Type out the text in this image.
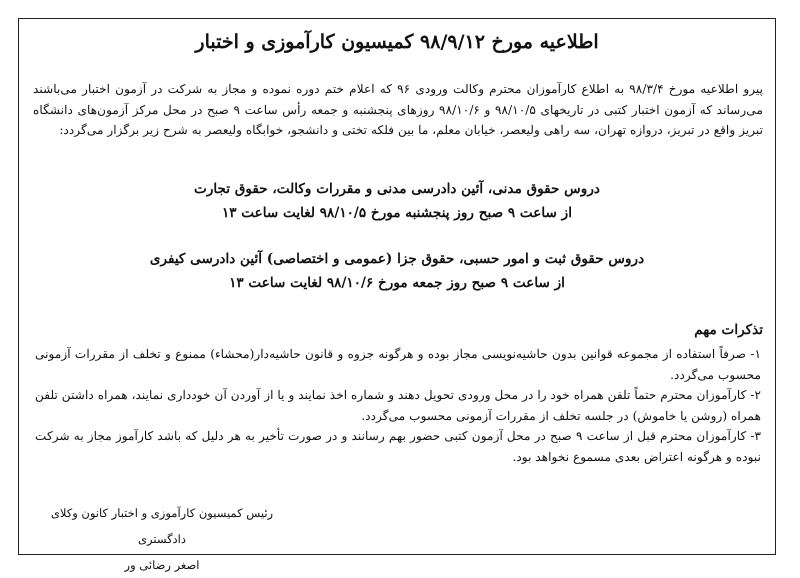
اطلاعیه مورخ ۹۸/۹/۱۲ کمیسیون کارآموزی و اختبار
پیرو اطلاعیه مورخ ۹۸/۳/۴ به اطلاع کارآموزان محترم وکالت ورودی ۹۶ که اعلام ختم دوره نموده و مجاز به شرکت در آزمون اختبار می‌باشند می‌رساند که آزمون اختبار کتبی در تاریخهای ۹۸/۱۰/۵ و ۹۸/۱۰/۶ روزهای پنجشنبه و جمعه رأس ساعت ۹ صبح در محل مرکز آزمون‌های دانشگاه تبریز واقع در تبریز، دروازه تهران، سه راهی ولیعصر، خیابان معلم، ما بین فلکه تختی و دانشجو، خوابگاه ولیعصر به شرح زیر برگزار می‌گردد:
دروس حقوق مدنی، آئین دادرسی مدنی و مقررات وکالت، حقوق تجارت
از ساعت ۹ صبح روز پنجشنبه مورخ ۹۸/۱۰/۵ لغایت ساعت ۱۳
دروس حقوق ثبت و امور حسبی، حقوق جزا (عمومی و اختصاصی) آئین دادرسی کیفری
از ساعت ۹ صبح روز جمعه مورخ ۹۸/۱۰/۶ لغایت ساعت ۱۳
تذکرات مهم

۱- صرفاً استفاده از مجموعه قوانین بدون حاشیه‌نویسی مجاز بوده و هرگونه جزوه و قانون حاشیه‌دار(محشاء) ممنوع و تخلف از مقررات آزمونی محسوب می‌گردد.

۲- کارآموزان محترم حتماً تلفن همراه خود را در محل ورودی تحویل دهند و شماره اخذ نمایند و یا از آوردن آن خودداری نمایند، همراه داشتن تلفن همراه (روشن یا خاموش) در جلسه تخلف از مقررات آزمونی محسوب می‌گردد.

۳- کارآموزان محترم قبل از ساعت ۹ صبح در محل آزمون کتبی حضور بهم رسانند و در صورت تأخیر به هر دلیل که باشد کارآموز مجاز به شرکت نبوده و هرگونه اعتراض بعدی مسموع نخواهد بود.

رئیس کمیسیون کارآموزی و اختبار کانون وکلای دادگستری
اصغر رضائی ور
